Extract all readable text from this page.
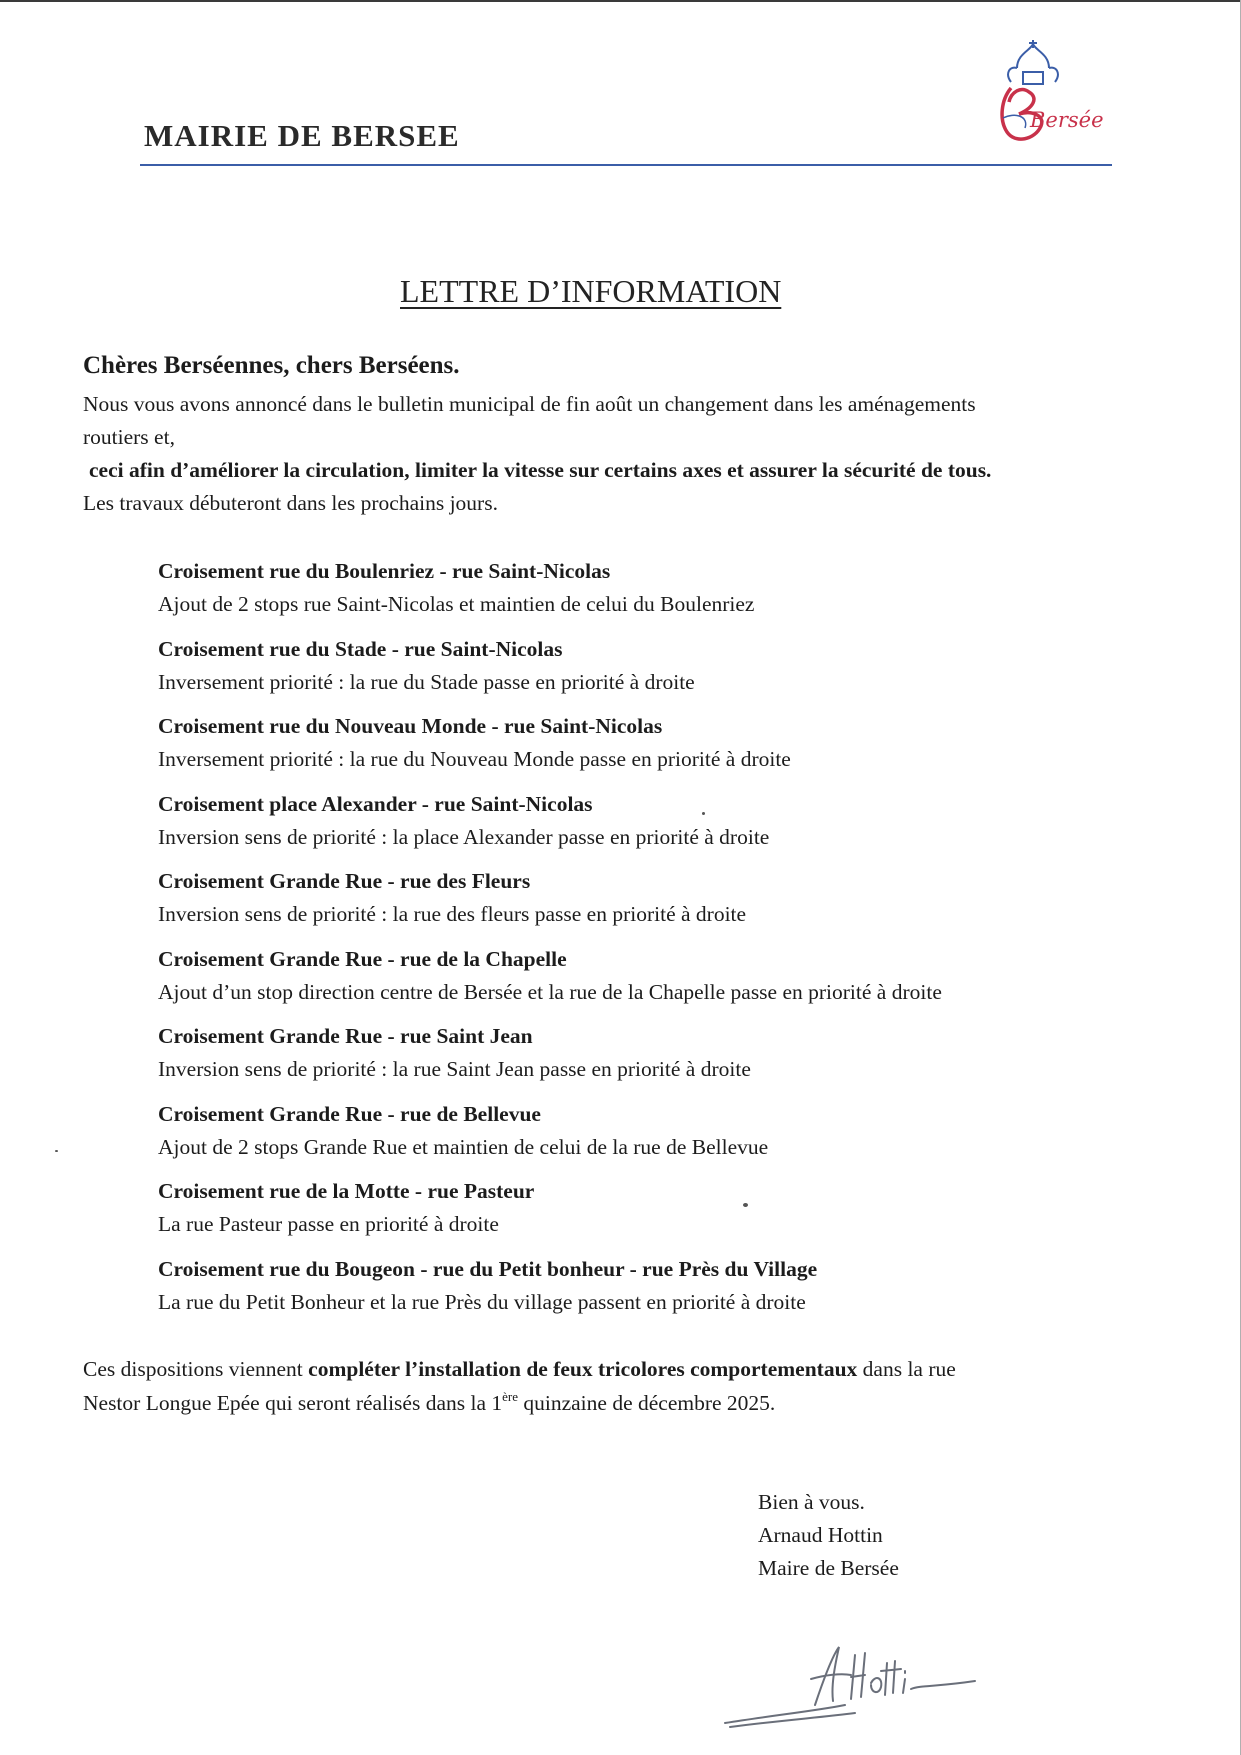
MAIRIE DE BERSEE	Bersée
LETTRE D’INFORMATION

Chères Berséennes, chers Berséens.

Nous vous avons annoncé dans le bulletin municipal de fin août un changement dans les aménagements

routiers et,

ceci afin d’améliorer la circulation, limiter la vitesse sur certains axes et assurer la sécurité de tous.

Les travaux débuteront dans les prochains jours.

Croisement rue du Boulenriez - rue Saint-Nicolas
Ajout de 2 stops rue Saint-Nicolas et maintien de celui du Boulenriez
Croisement rue du Stade - rue Saint-Nicolas
Inversement priorité : la rue du Stade passe en priorité à droite
Croisement rue du Nouveau Monde - rue Saint-Nicolas
Inversement priorité : la rue du Nouveau Monde passe en priorité à droite
Croisement place Alexander - rue Saint-Nicolas
Inversion sens de priorité : la place Alexander passe en priorité à droite
Croisement Grande Rue - rue des Fleurs
Inversion sens de priorité : la rue des fleurs passe en priorité à droite
Croisement Grande Rue - rue de la Chapelle
Ajout d’un stop direction centre de Bersée et la rue de la Chapelle passe en priorité à droite
Croisement Grande Rue - rue Saint Jean
Inversion sens de priorité : la rue Saint Jean passe en priorité à droite
Croisement Grande Rue - rue de Bellevue
Ajout de 2 stops Grande Rue et maintien de celui de la rue de Bellevue
Croisement rue de la Motte - rue Pasteur
La rue Pasteur passe en priorité à droite
Croisement rue du Bougeon - rue du Petit bonheur - rue Près du Village
La rue du Petit Bonheur et la rue Près du village passent en priorité à droite

Ces dispositions viennent compléter l’installation de feux tricolores comportementaux dans la rue

Nestor Longue Epée qui seront réalisés dans la 1ère quinzaine de décembre 2025.

Bien à vous.
Arnaud Hottin
Maire de Bersée
